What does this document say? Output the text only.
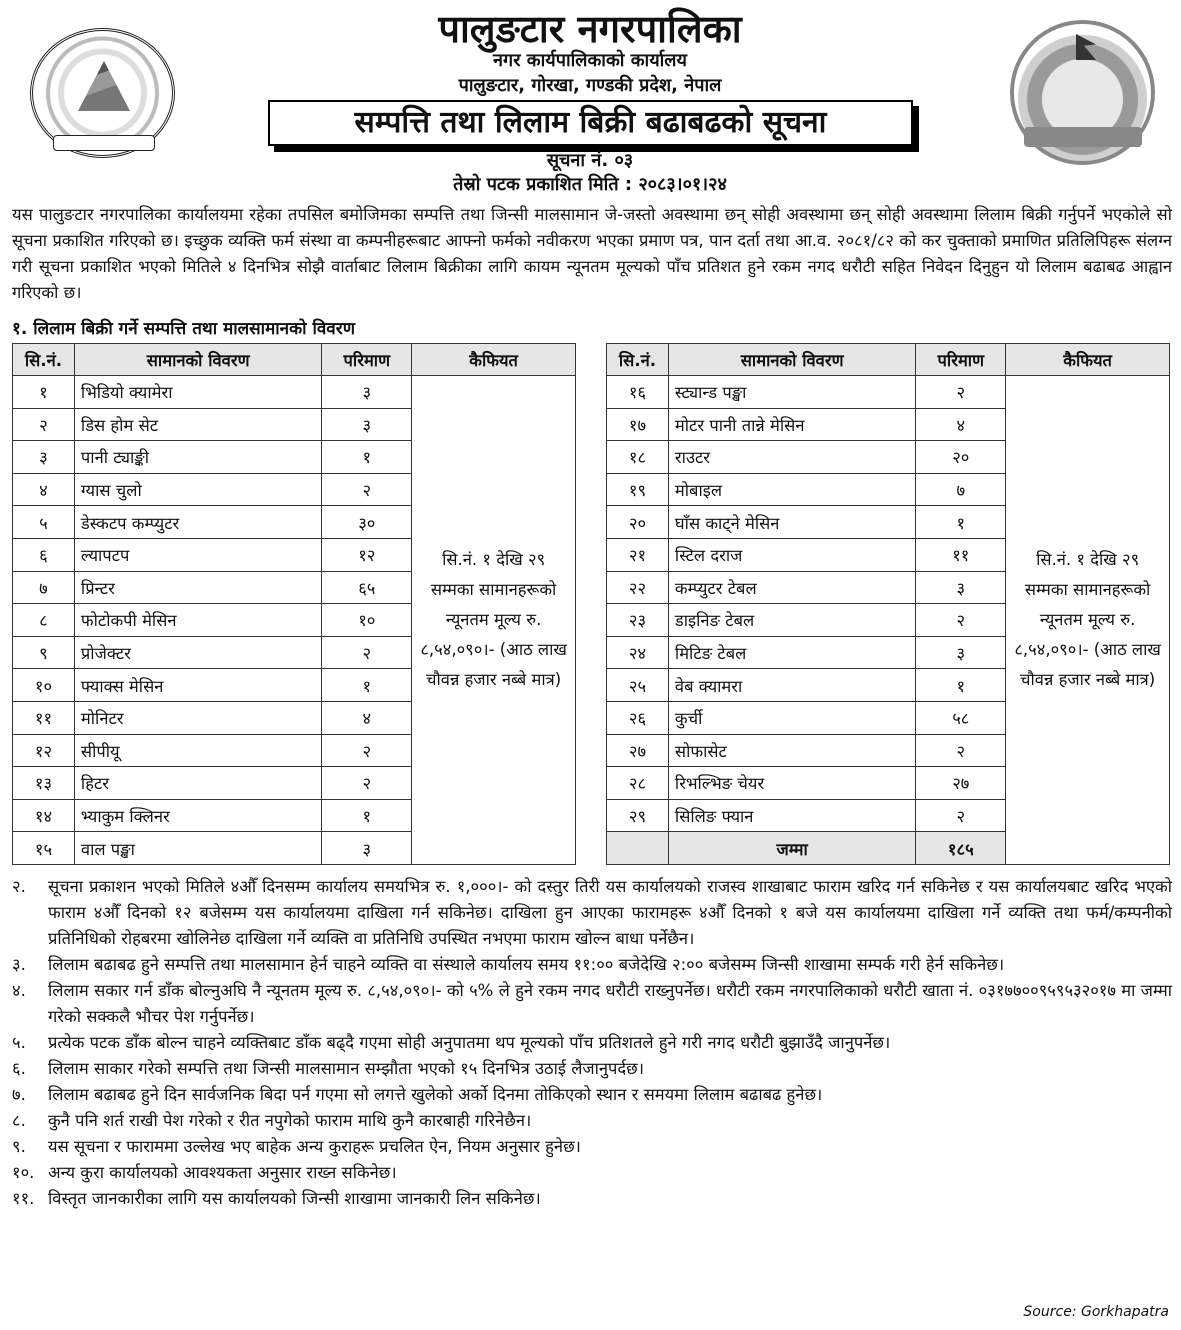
पालुङटार नगरपालिका
नगर कार्यपालिकाको कार्यालय
पालुङटार, गोरखा, गण्डकी प्रदेश, नेपाल
सम्पत्ति तथा लिलाम बिक्री बढाबढको सूचना
सूचना नं. ०३
तेस्रो पटक प्रकाशित मिति : २०८३।०१।२४
यस पालुङटार नगरपालिका कार्यालयमा रहेका तपसिल बमोजिमका सम्पत्ति तथा जिन्सी मालसामान जे-जस्तो अवस्थामा छन् सोही अवस्थामा छन् सोही अवस्थामा लिलाम बिक्री गर्नुपर्ने भएकोले सो सूचना प्रकाशित गरिएको छ। इच्छुक व्यक्ति फर्म संस्था वा कम्पनीहरूबाट आफ्नो फर्मको नवीकरण भएका प्रमाण पत्र, पान दर्ता तथा आ.व. २०८१/८२ को कर चुक्ताको प्रमाणित प्रतिलिपिहरू संलग्न गरी सूचना प्रकाशित भएको मितिले ४ दिनभित्र सोझै वार्ताबाट लिलाम बिक्रीका लागि कायम न्यूनतम मूल्यको पाँच प्रतिशत हुने रकम नगद धरौटी सहित निवेदन दिनुहुन यो लिलाम बढाबढ आह्वान गरिएको छ।
१. लिलाम बिक्री गर्ने सम्पत्ति तथा मालसामानको विवरण
सि.नं.	सामानको विवरण	परिमाण	कैफियत
१	भिडियो क्यामेरा	३	सि.नं. १ देखि २९ सम्मका सामानहरूको न्यूनतम मूल्य रु. ८,५४,०९०।- (आठ लाख चौवन्न हजार नब्बे मात्र)
२	डिस होम सेट	३	
३	पानी ट्याङ्की	१	
४	ग्यास चुलो	२	
५	डेस्कटप कम्प्युटर	३०	
६	ल्यापटप	१२	
७	प्रिन्टर	६५	
८	फोटोकपी मेसिन	१०	
९	प्रोजेक्टर	२	
१०	फ्याक्स मेसिन	१	
११	मोनिटर	४	
१२	सीपीयू	२	
१३	हिटर	२	
१४	भ्याकुम क्लिनर	१	
१५	वाल पङ्खा	३	
सि.नं.	सामानको विवरण	परिमाण	कैफियत
१६	स्ट्यान्ड पङ्खा	२	सि.नं. १ देखि २९ सम्मका सामानहरूको न्यूनतम मूल्य रु. ८,५४,०९०।- (आठ लाख चौवन्न हजार नब्बे मात्र)
१७	मोटर पानी तान्ने मेसिन	४	
१८	राउटर	२०	
१९	मोबाइल	७	
२०	घाँस काट्ने मेसिन	१	
२१	स्टिल दराज	११	
२२	कम्प्युटर टेबल	३	
२३	डाइनिङ टेबल	२	
२४	मिटिङ टेबल	३	
२५	वेब क्यामरा	१	
२६	कुर्ची	५८	
२७	सोफासेट	२	
२८	रिभल्भिङ चेयर	२७	
२९	सिलिङ फ्यान	२	
	जम्मा	१८५	
२.	सूचना प्रकाशन भएको मितिले ४औँ दिनसम्म कार्यालय समयभित्र रु. १,०००।- को दस्तुर तिरी यस कार्यालयको राजस्व शाखाबाट फाराम खरिद गर्न सकिनेछ र यस कार्यालयबाट खरिद भएको फाराम ४औँ दिनको १२ बजेसम्म यस कार्यालयमा दाखिला गर्न सकिनेछ। दाखिला हुन आएका फारामहरू ४औँ दिनको १ बजे यस कार्यालयमा दाखिला गर्ने व्यक्ति तथा फर्म/कम्पनीको प्रतिनिधिको रोहबरमा खोलिनेछ दाखिला गर्ने व्यक्ति वा प्रतिनिधि उपस्थित नभएमा फाराम खोल्न बाधा पर्नेछैन।
३.	लिलाम बढाबढ हुने सम्पत्ति तथा मालसामान हेर्न चाहने व्यक्ति वा संस्थाले कार्यालय समय ११:०० बजेदेखि २:०० बजेसम्म जिन्सी शाखामा सम्पर्क गरी हेर्न सकिनेछ।
४.	लिलाम सकार गर्न डाँक बोल्नुअघि नै न्यूनतम मूल्य रु. ८,५४,०९०।- को ५% ले हुने रकम नगद धरौटी राख्नुपर्नेछ। धरौटी रकम नगरपालिकाको धरौटी खाता नं. ०३१७७००९५९५३२०१७ मा जम्मा गरेको सक्कलै भौचर पेश गर्नुपर्नेछ।
५.	प्रत्येक पटक डाँक बोल्न चाहने व्यक्तिबाट डाँक बढ्दै गएमा सोही अनुपातमा थप मूल्यको पाँच प्रतिशतले हुने गरी नगद धरौटी बुझाउँदै जानुपर्नेछ।
६.	लिलाम साकार गरेको सम्पत्ति तथा जिन्सी मालसामान सम्झौता भएको १५ दिनभित्र उठाई लैजानुपर्दछ।
७.	लिलाम बढाबढ हुने दिन सार्वजनिक बिदा पर्न गएमा सो लगत्ते खुलेको अर्को दिनमा तोकिएको स्थान र समयमा लिलाम बढाबढ हुनेछ।
८.	कुनै पनि शर्त राखी पेश गरेको र रीत नपुगेको फाराम माथि कुनै कारबाही गरिनेछैन।
९.	यस सूचना र फाराममा उल्लेख भए बाहेक अन्य कुराहरू प्रचलित ऐन, नियम अनुसार हुनेछ।
१०. अन्य कुरा कार्यालयको आवश्यकता अनुसार राख्न सकिनेछ।
११. विस्तृत जानकारीका लागि यस कार्यालयको जिन्सी शाखामा जानकारी लिन सकिनेछ।
Source: Gorkhapatra
